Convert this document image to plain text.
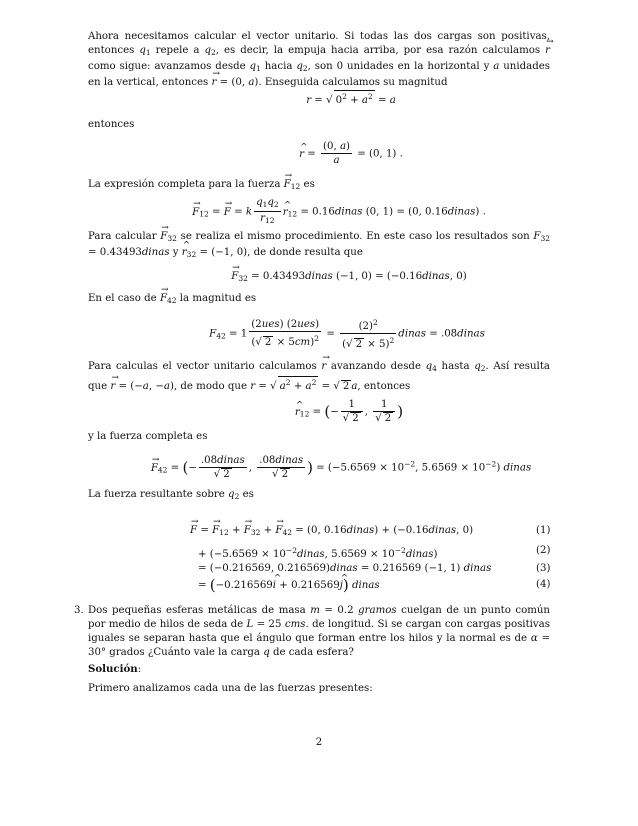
Ahora necesitamos calcular el vector unitario. Si todas las dos cargas son positivas, entonces $q_1$ repele a $q_2$, es decir, la empuja hacia arriba, por esa razón calculamos → r como sigue: avanzamos desde $q_1$ hacia $q_2$, son 0 unidades en la horizontal y a unidades en la vertical, entonces → r = (0, a). Enseguida calculamos su magnitud
r = √ $0^2 + a^2 = a$
entonces
^ $r = \frac{(0, a)}{a} = (0$, 1) .
La expresión completa para la fuerza → $F_{12}$ es
→ $F_{12}$ = → F = k $\frac{q_1q_2}{r_{12}}$
^ $r_{12}$ = 0.16dinas (0, 1) = (0, 0.16dinas) .
Para calcular → $F_{32}$ se realiza el mismo procedimiento. En este caso los resultados son $F_{32}$ = 0.43493dinas y ^ $r_{32} = (-1$, 0), de donde resulta que
→ $F_{32}$ = 0.43493dinas (−1, 0) = (−0.16dinas, 0)
En el caso de → $F_{42}$ la magnitud es
$F_{42} = 1 \frac{\text{(2ues) (2ues)}}{(√ 2 \times 5cm)^2} = \frac{(2)^2}{(√ 2 \times 5)^2}$ dinas = .08dinas
Para calculas el vector unitario calculamos → r avanzando desde $q_4$ hasta $q_2$. Así resulta que → r = (−a, −a), de modo que r = √ $a^2 + a^2$ = √ 2 a, entonces
^ $r_{12}$ = (− $\frac{1}{√ 2}$ , $\frac{1}{√ 2}$ )
y la fuerza completa es
→ $F_{42}$ = (− $\frac{\text{.08dinas}}{√ 2}$ , $\frac{\text{.08dinas}}{√ 2}$ ) = ($-5.6569 \times 10^{-2}$, $5.6569 \times 10^{-2}$) dinas
La fuerza resultante sobre $q_2$ es
→ F = → $F_{12}$ + → $F_{32}$ + → $F_{42} = (0$, 0.16dinas) + (−0.16dinas, 0)	(1)
+ ($-5.6569 \times 10^{-2}dinas$, $5.6569 \times 10^{-2}dinas$)	(2)
= (−0.216569, 0.216569)dinas = 0.216569 (−1, 1) dinas	(3)
= (−0.216569^ i + 0.216569^ j) dinas	(4)
3. Dos pequeñas esferas metálicas de masa m = 0.2 gramos cuelgan de un punto común por medio de hilos de seda de L = 25 cms. de longitud. Si se cargan con cargas positivas iguales se separan hasta que el ángulo que forman entre los hilos y la normal es de α = 30° grados ¿Cuánto vale la carga q de cada esfera?
Solución:
Primero analizamos cada una de las fuerzas presentes:
2
